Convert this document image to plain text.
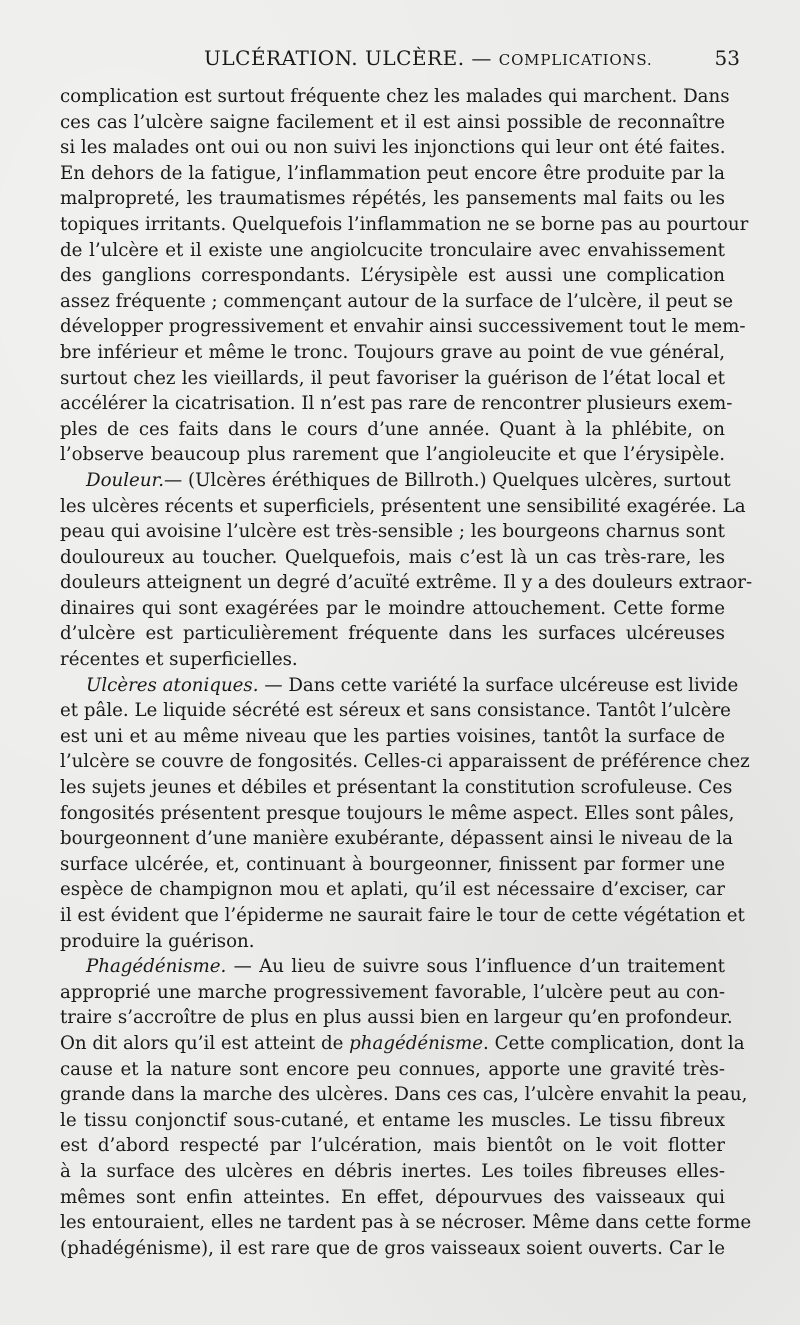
ULCÉRATION. ULCÈRE. — COMPLICATIONS.	53
complication est surtout fréquente chez les malades qui marchent. Dans
ces cas l’ulcère saigne facilement et il est ainsi possible de reconnaître
si les malades ont oui ou non suivi les injonctions qui leur ont été faites.
En dehors de la fatigue, l’inflammation peut encore être produite par la
malpropreté, les traumatismes répétés, les pansements mal faits ou les
topiques irritants. Quelquefois l’inflammation ne se borne pas au pourtour
de l’ulcère et il existe une angiolcucite tronculaire avec envahissement
des ganglions correspondants. L’érysipèle est aussi une complication
assez fréquente ; commençant autour de la surface de l’ulcère, il peut se
développer progressivement et envahir ainsi successivement tout le mem-
bre inférieur et même le tronc. Toujours grave au point de vue général,
surtout chez les vieillards, il peut favoriser la guérison de l’état local et
accélérer la cicatrisation. Il n’est pas rare de rencontrer plusieurs exem-
ples de ces faits dans le cours d’une année. Quant à la phlébite, on
l’observe beaucoup plus rarement que l’angioleucite et que l’érysipèle.
Douleur.— (Ulcères éréthiques de Billroth.) Quelques ulcères, surtout
les ulcères récents et superficiels, présentent une sensibilité exagérée. La
peau qui avoisine l’ulcère est très-sensible ; les bourgeons charnus sont
douloureux au toucher. Quelquefois, mais c’est là un cas très-rare, les
douleurs atteignent un degré d’acuïté extrême. Il y a des douleurs extraor-
dinaires qui sont exagérées par le moindre attouchement. Cette forme
d’ulcère est particulièrement fréquente dans les surfaces ulcéreuses
récentes et superficielles.
Ulcères atoniques. — Dans cette variété la surface ulcéreuse est livide
et pâle. Le liquide sécrété est séreux et sans consistance. Tantôt l’ulcère
est uni et au même niveau que les parties voisines, tantôt la surface de
l’ulcère se couvre de fongosités. Celles-ci apparaissent de préférence chez
les sujets jeunes et débiles et présentant la constitution scrofuleuse. Ces
fongosités présentent presque toujours le même aspect. Elles sont pâles,
bourgeonnent d’une manière exubérante, dépassent ainsi le niveau de la
surface ulcérée, et, continuant à bourgeonner, finissent par former une
espèce de champignon mou et aplati, qu’il est nécessaire d’exciser, car
il est évident que l’épiderme ne saurait faire le tour de cette végétation et
produire la guérison.
Phagédénisme. — Au lieu de suivre sous l’influence d’un traitement
approprié une marche progressivement favorable, l’ulcère peut au con-
traire s’accroître de plus en plus aussi bien en largeur qu’en profondeur.
On dit alors qu’il est atteint de phagédénisme. Cette complication, dont la
cause et la nature sont encore peu connues, apporte une gravité très-
grande dans la marche des ulcères. Dans ces cas, l’ulcère envahit la peau,
le tissu conjonctif sous-cutané, et entame les muscles. Le tissu fibreux
est d’abord respecté par l’ulcération, mais bientôt on le voit flotter
à la surface des ulcères en débris inertes. Les toiles fibreuses elles-
mêmes sont enfin atteintes. En effet, dépourvues des vaisseaux qui
les entouraient, elles ne tardent pas à se nécroser. Même dans cette forme
(phadégénisme), il est rare que de gros vaisseaux soient ouverts. Car le
